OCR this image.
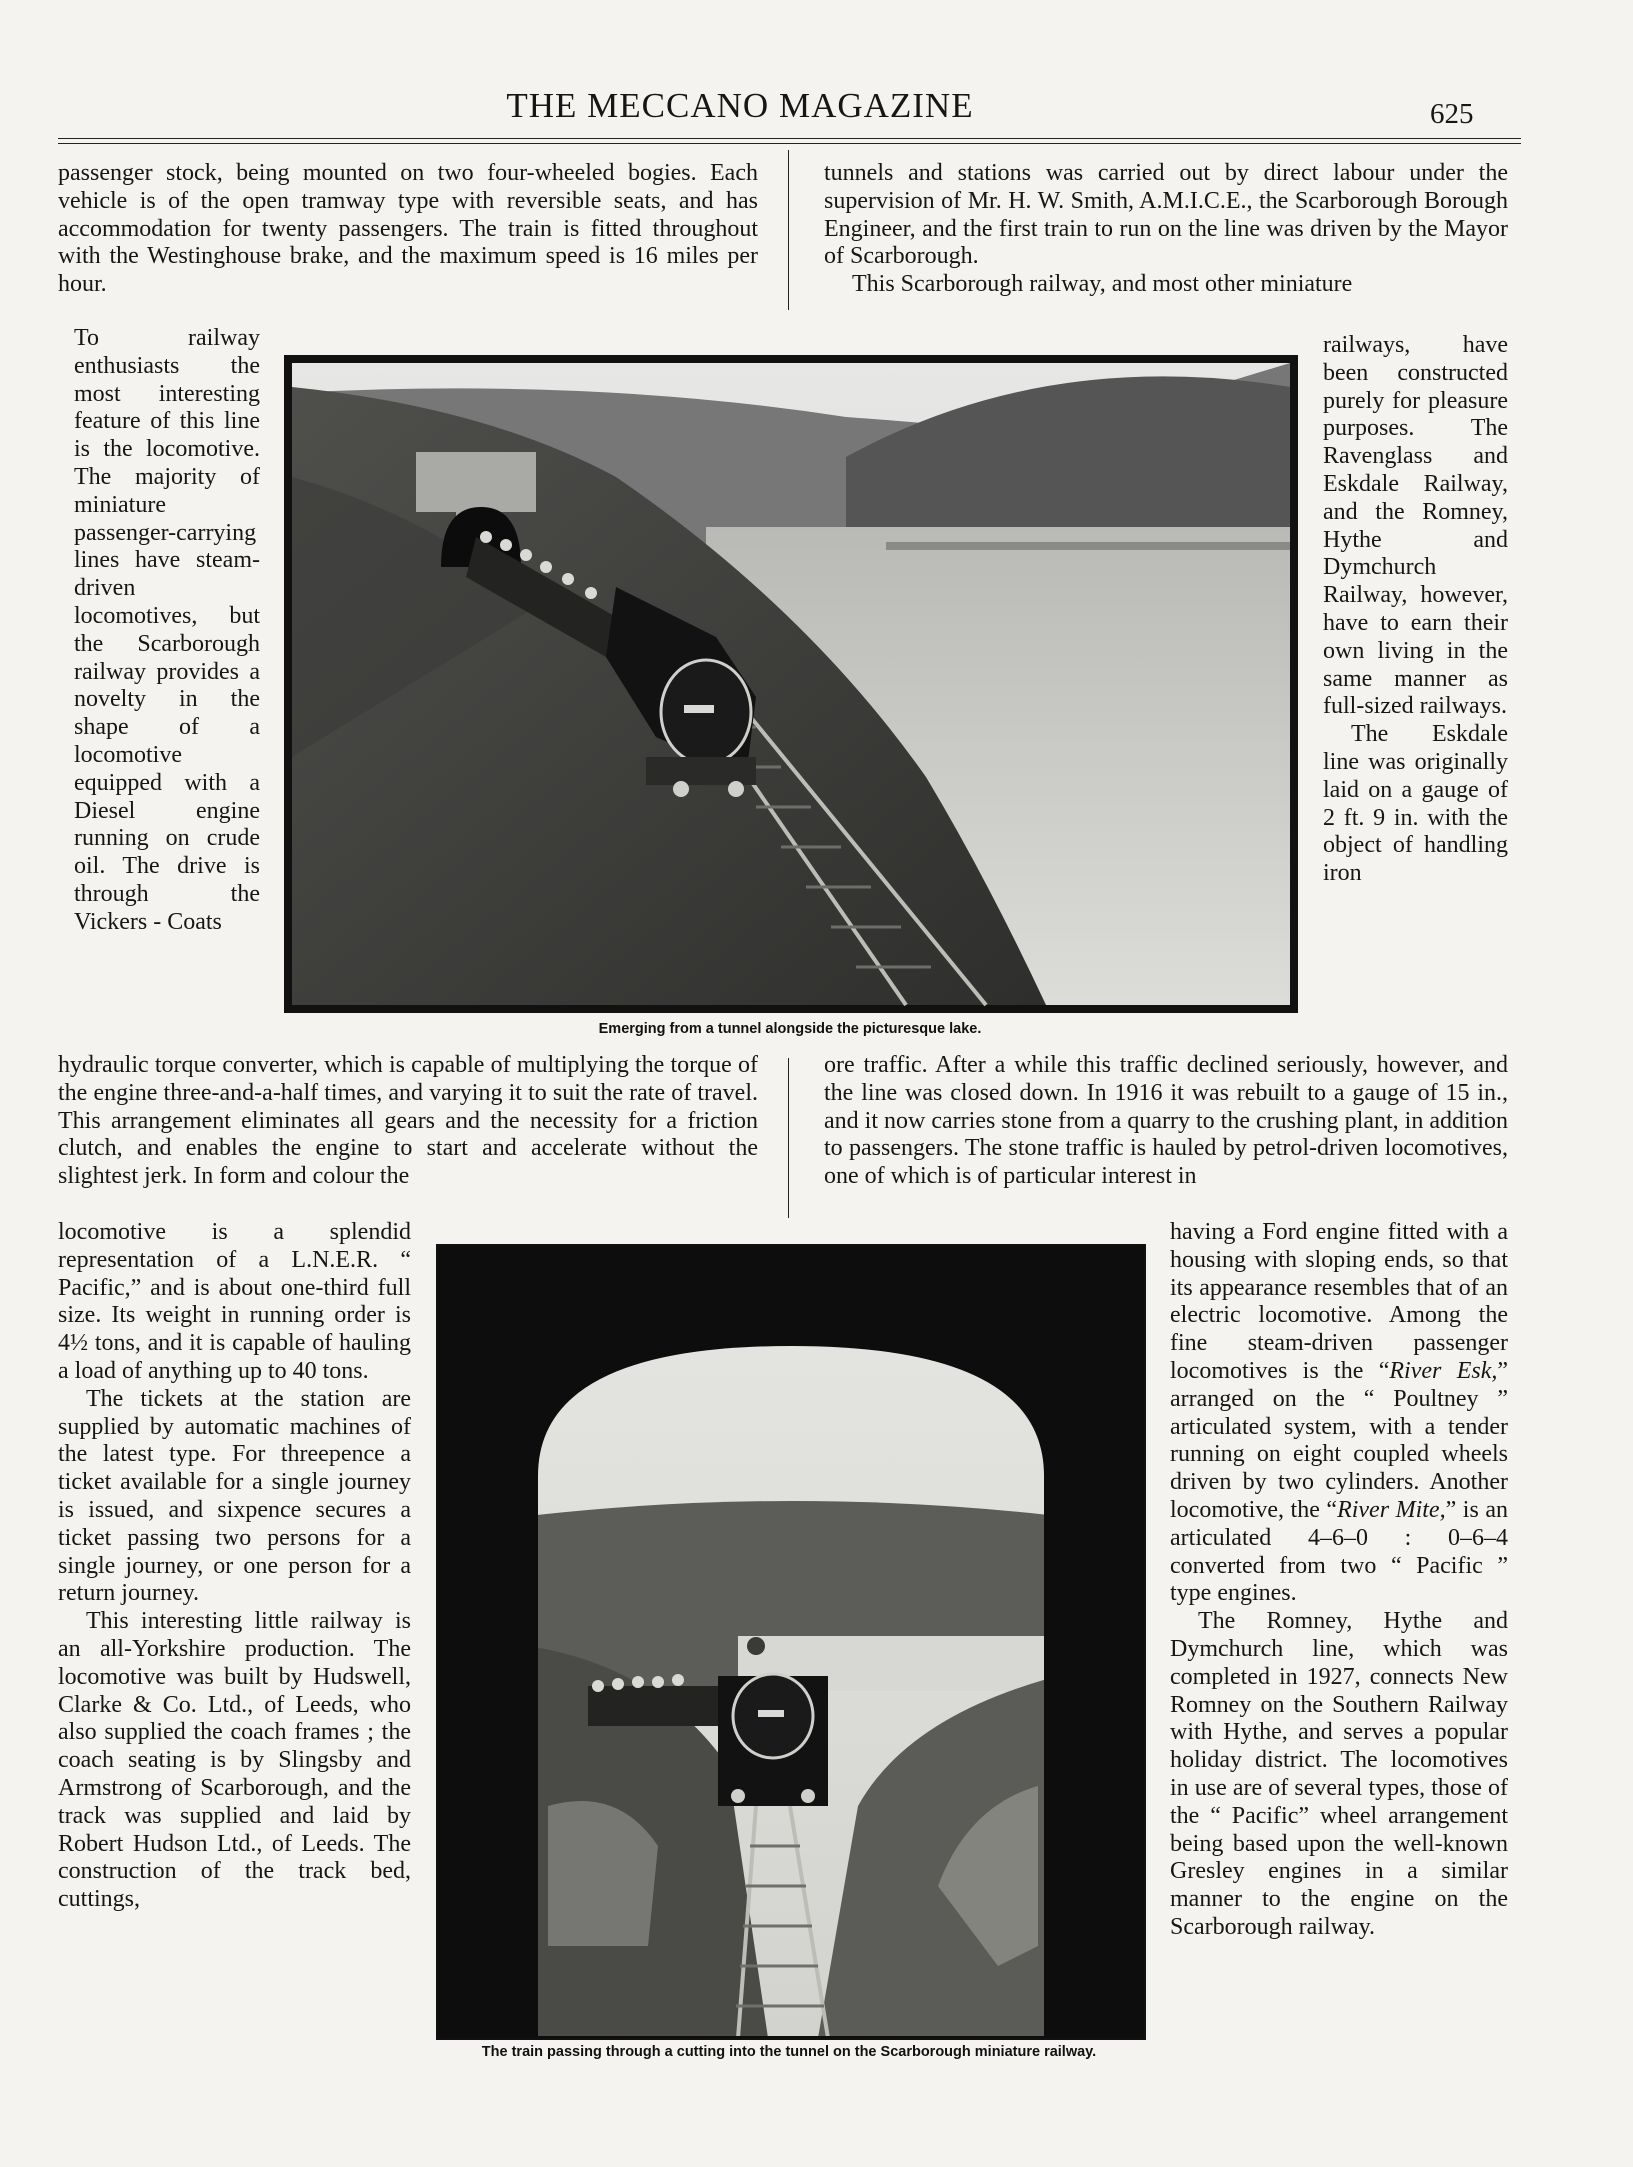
THE MECCANO MAGAZINE	625

passenger stock, being mounted on two four-wheeled bogies. Each vehicle is of the open tramway type with reversible seats, and has accommodation for twenty passengers. The train is fitted throughout with the Westinghouse brake, and the maximum speed is 16 miles per hour.

tunnels and stations was carried out by direct labour under the supervision of Mr. H. W. Smith, A.M.I.C.E., the Scarborough Borough Engineer, and the first train to run on the line was driven by the Mayor of Scarborough.

This Scarborough railway, and most other miniature

To railway enthusiasts the most interesting feature of this line is the locomotive. The majority of miniature passenger-carrying lines have steam-driven locomotives, but the Scarborough railway provides a novelty in the shape of a locomotive equipped with a Diesel engine running on crude oil. The drive is through the Vickers - Coats

railways, have been constructed purely for pleasure purposes. The Ravenglass and Eskdale Railway, and the Romney, Hythe and Dymchurch Railway, however, have to earn their own living in the same manner as full-sized railways.

The Eskdale line was originally laid on a gauge of 2 ft. 9 in. with the object of handling iron

Emerging from a tunnel alongside the picturesque lake.

hydraulic torque converter, which is capable of multiplying the torque of the engine three-and-a-half times, and varying it to suit the rate of travel. This arrangement eliminates all gears and the necessity for a friction clutch, and enables the engine to start and accelerate without the slightest jerk. In form and colour the

ore traffic. After a while this traffic declined seriously, however, and the line was closed down. In 1916 it was rebuilt to a gauge of 15 in., and it now carries stone from a quarry to the crushing plant, in addition to passengers. The stone traffic is hauled by petrol-driven locomotives, one of which is of particular interest in

locomotive is a splendid representation of a L.N.E.R. “ Pacific,” and is about one-third full size. Its weight in running order is 4½ tons, and it is capable of hauling a load of anything up to 40 tons.

The tickets at the station are supplied by automatic machines of the latest type. For threepence a ticket available for a single journey is issued, and sixpence secures a ticket passing two persons for a single journey, or one person for a return journey.

This interesting little railway is an all-Yorkshire production. The locomotive was built by Hudswell, Clarke & Co. Ltd., of Leeds, who also supplied the coach frames ; the coach seating is by Slingsby and Armstrong of Scarborough, and the track was supplied and laid by Robert Hudson Ltd., of Leeds. The construction of the track bed, cuttings,

having a Ford engine fitted with a housing with sloping ends, so that its appearance resembles that of an electric locomotive. Among the fine steam-driven passenger locomotives is the “River Esk,” arranged on the “ Poultney ” articulated system, with a tender running on eight coupled wheels driven by two cylinders. Another locomotive, the “River Mite,” is an articulated 4–6–0 : 0–6–4 converted from two “ Pacific ” type engines.

The Romney, Hythe and Dymchurch line, which was completed in 1927, connects New Romney on the Southern Railway with Hythe, and serves a popular holiday district. The locomotives in use are of several types, those of the “ Pacific” wheel arrangement being based upon the well-known Gresley engines in a similar manner to the engine on the Scarborough railway.

The train passing through a cutting into the tunnel on the Scarborough miniature railway.
